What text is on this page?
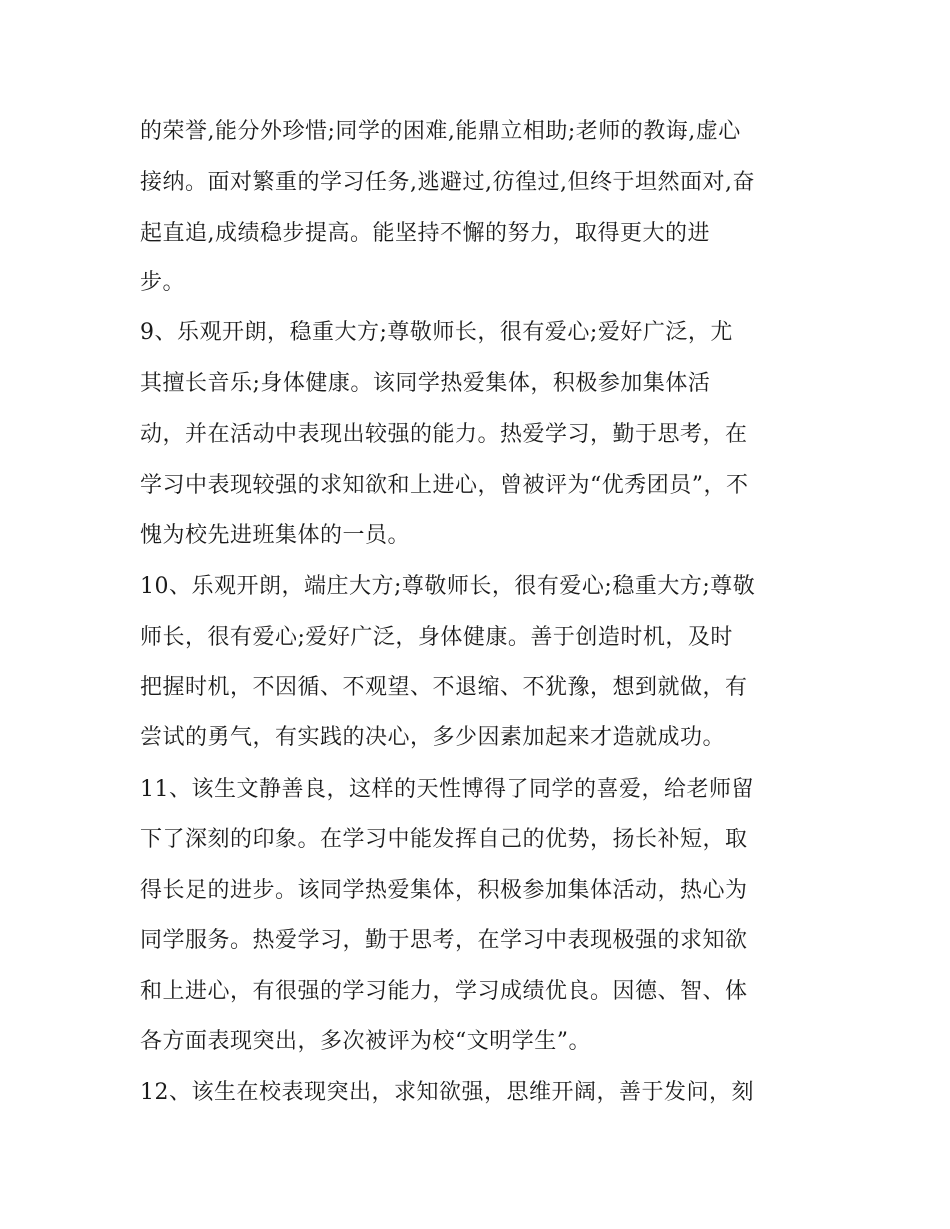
的荣誉,能分外珍惜;同学的困难,能鼎立相助;老师的教诲,虚心
接纳。面对繁重的学习任务,逃避过,彷徨过,但终于坦然面对,奋
起直追,成绩稳步提高。能坚持不懈的努力，取得更大的进
步。
9、乐观开朗，稳重大方;尊敬师长，很有爱心;爱好广泛，尤
其擅长音乐;身体健康。该同学热爱集体，积极参加集体活
动，并在活动中表现出较强的能力。热爱学习，勤于思考，在
学习中表现较强的求知欲和上进心，曾被评为“优秀团员”，不
愧为校先进班集体的一员。
10、乐观开朗，端庄大方;尊敬师长，很有爱心;稳重大方;尊敬
师长，很有爱心;爱好广泛，身体健康。善于创造时机，及时
把握时机，不因循、不观望、不退缩、不犹豫，想到就做，有
尝试的勇气，有实践的决心，多少因素加起来才造就成功。
11、该生文静善良，这样的天性博得了同学的喜爱，给老师留
下了深刻的印象。在学习中能发挥自己的优势，扬长补短，取
得长足的进步。该同学热爱集体，积极参加集体活动，热心为
同学服务。热爱学习，勤于思考，在学习中表现极强的求知欲
和上进心，有很强的学习能力，学习成绩优良。因德、智、体
各方面表现突出，多次被评为校“文明学生”。
12、该生在校表现突出，求知欲强，思维开阔，善于发问，刻
